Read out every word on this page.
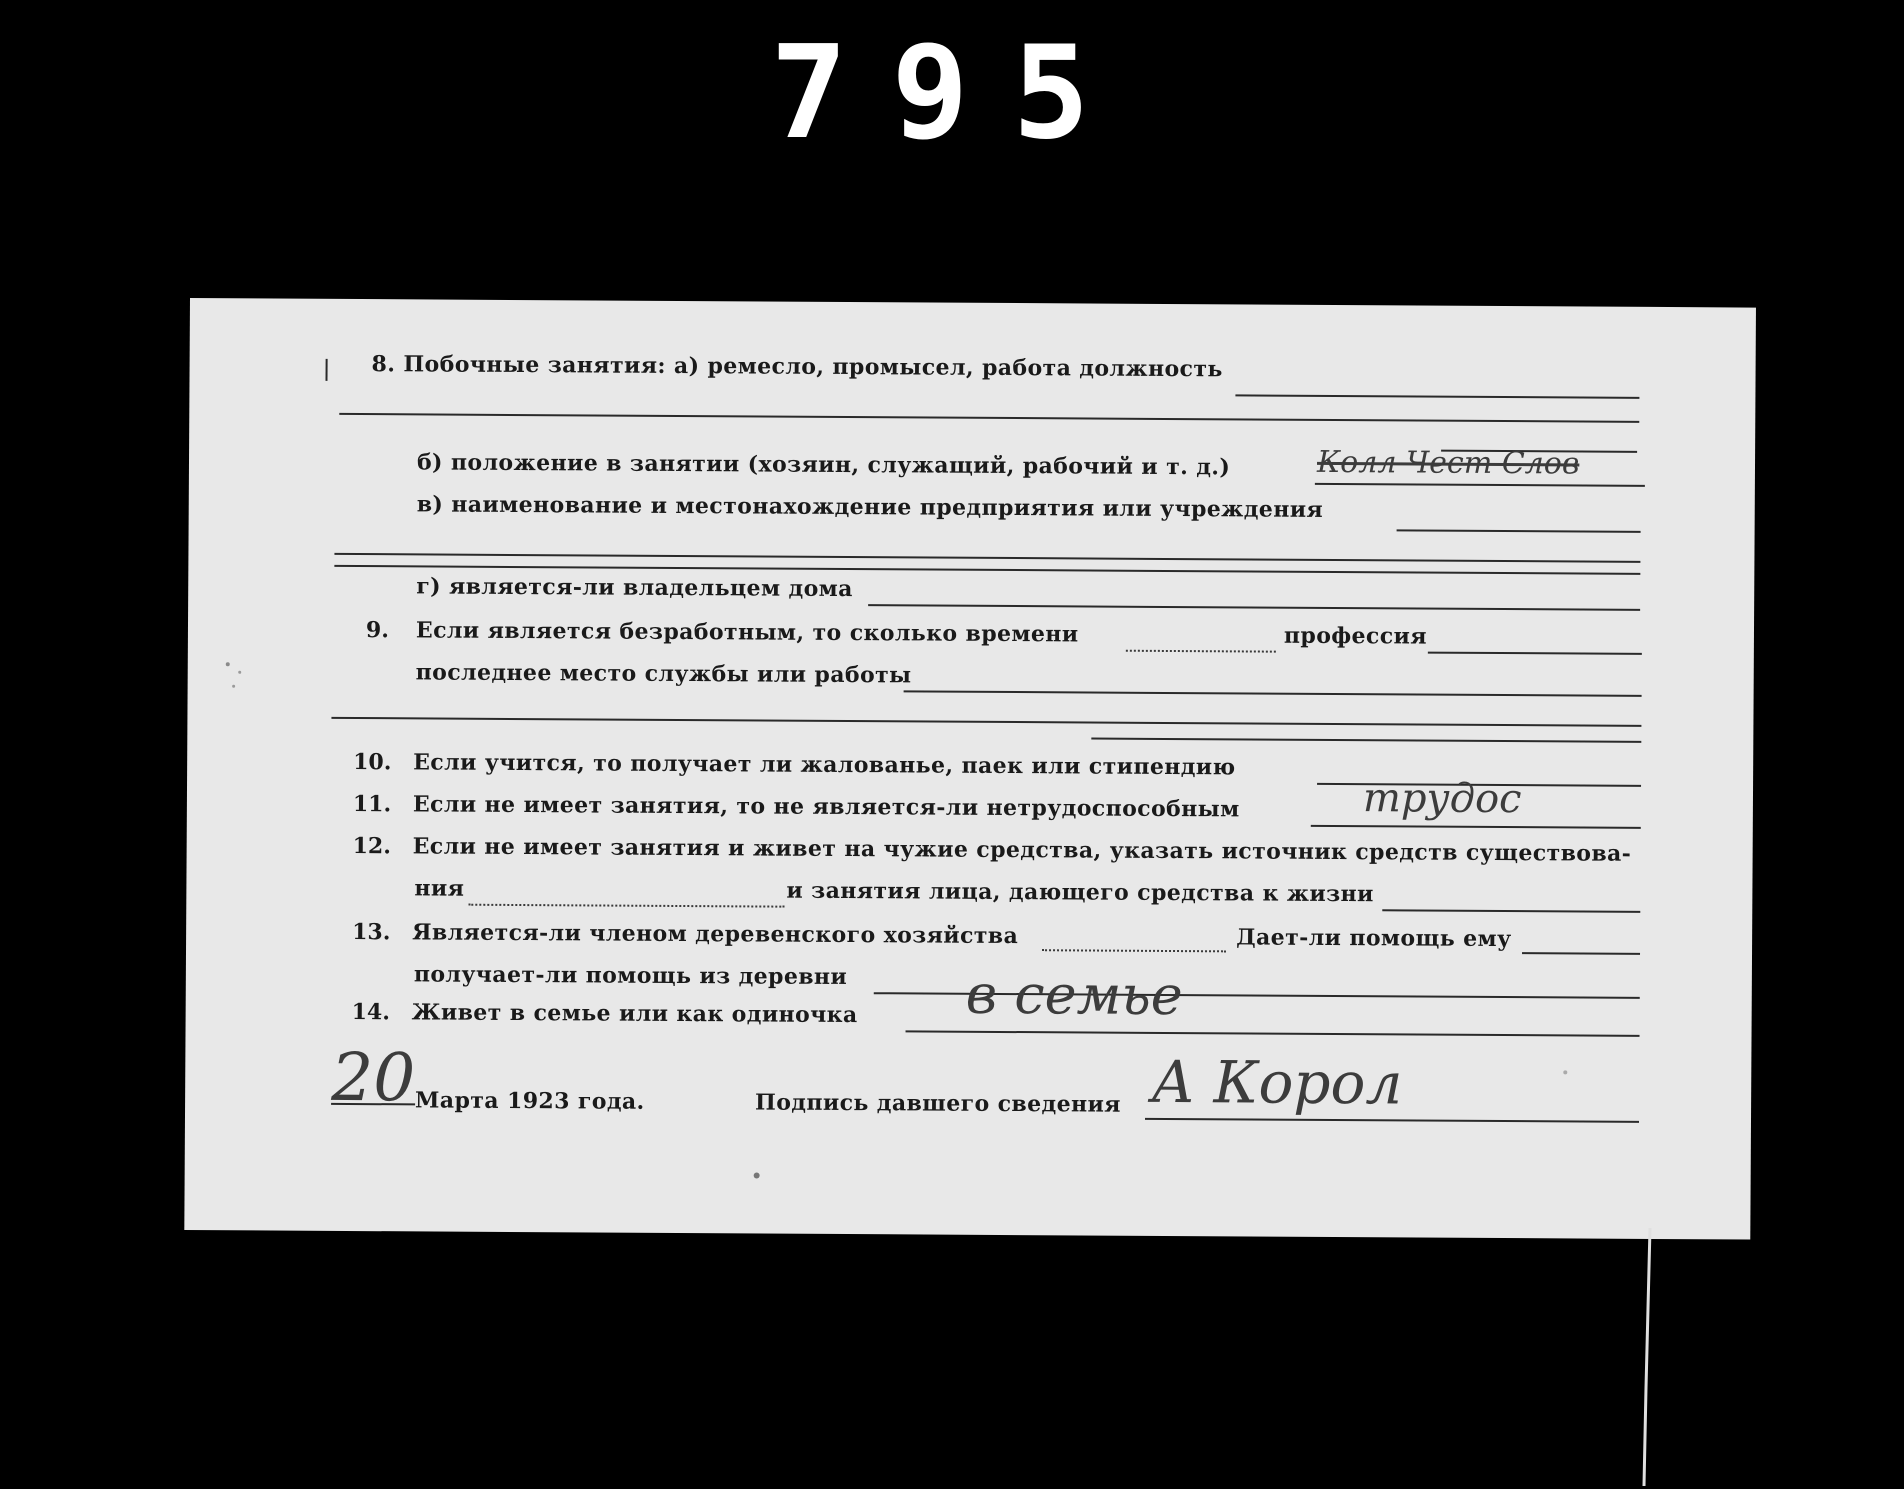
795
8. Побочные занятия: а) ремесло, промысел, работа должность
б) положение в занятии (хозяин, служащий, рабочий и т. д.)	Колл Чест Слов
в) наименование и местонахождение предприятия или учреждения
г) является-ли владельцем дома
9. Если является безработным, то сколько времени	профессия
последнее место службы или работы
10. Если учится, то получает ли жалованье, паек или стипендию
11. Если не имеет занятия, то не является-ли нетрудоспособным	трудос
12. Если не имеет занятия и живет на чужие средства, указать источник средств существова-
ния	и занятия лица, дающего средства к жизни
13. Является-ли членом деревенского хозяйства	Дает-ли помощь ему
получает-ли помощь из деревни
14. Живет в семье или как одиночка в семье
20 Марта 1923 года.	Подпись давшего сведения А Корол
